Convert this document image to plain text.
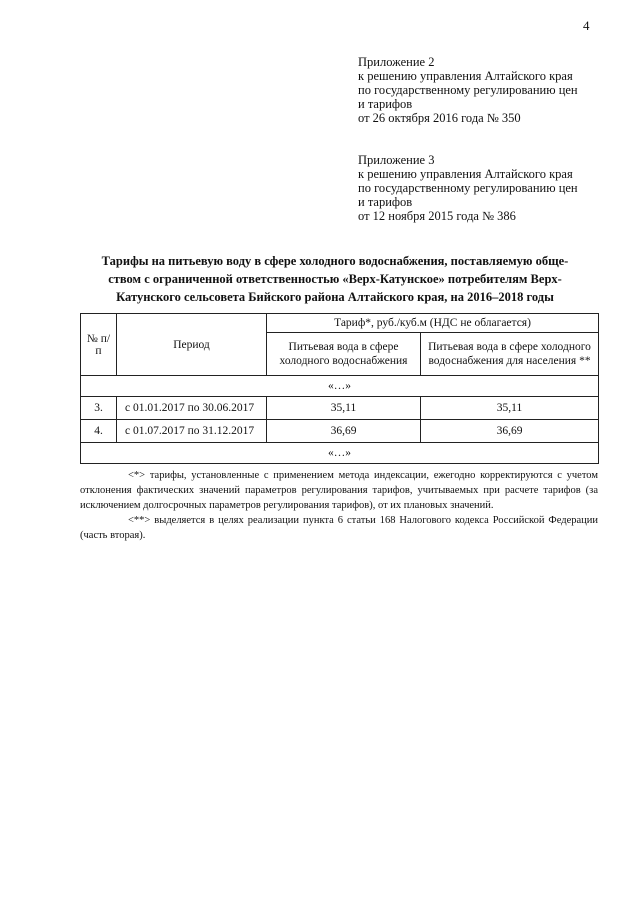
4
Приложение 2
к решению управления Алтайского края
по государственному регулированию цен
и тарифов
от 26 октября 2016 года № 350
Приложение 3
к решению управления Алтайского края
по государственному регулированию цен
и тарифов
от 12 ноября 2015 года № 386
Тарифы на питьевую воду в сфере холодного водоснабжения, поставляемую обще-
ством с ограниченной ответственностью «Верх-Катунское» потребителям Верх-
Катунского сельсовета Бийского района Алтайского края, на 2016–2018 годы
№ п/п	Период	Тариф*, руб./куб.м (НДС не облагается)	
		Питьевая вода в сфере холодного водоснабжения	Питьевая вода в сфере холодного водоснабжения для населения **
«…»			
3.	с 01.01.2017 по 30.06.2017	35,11	35,11
4.	с 01.07.2017 по 31.12.2017	36,69	36,69
«…»			

<*> тарифы, установленные с применением метода индексации, ежегодно корректируются с учетом отклонения фактических значений параметров регулирования тарифов, учитываемых при расчете тарифов (за исключением долгосрочных параметров регулирования тарифов), от их плановых значений.

<**> выделяется в целях реализации пункта 6 статьи 168 Налогового кодекса Российской Федерации (часть вторая).
